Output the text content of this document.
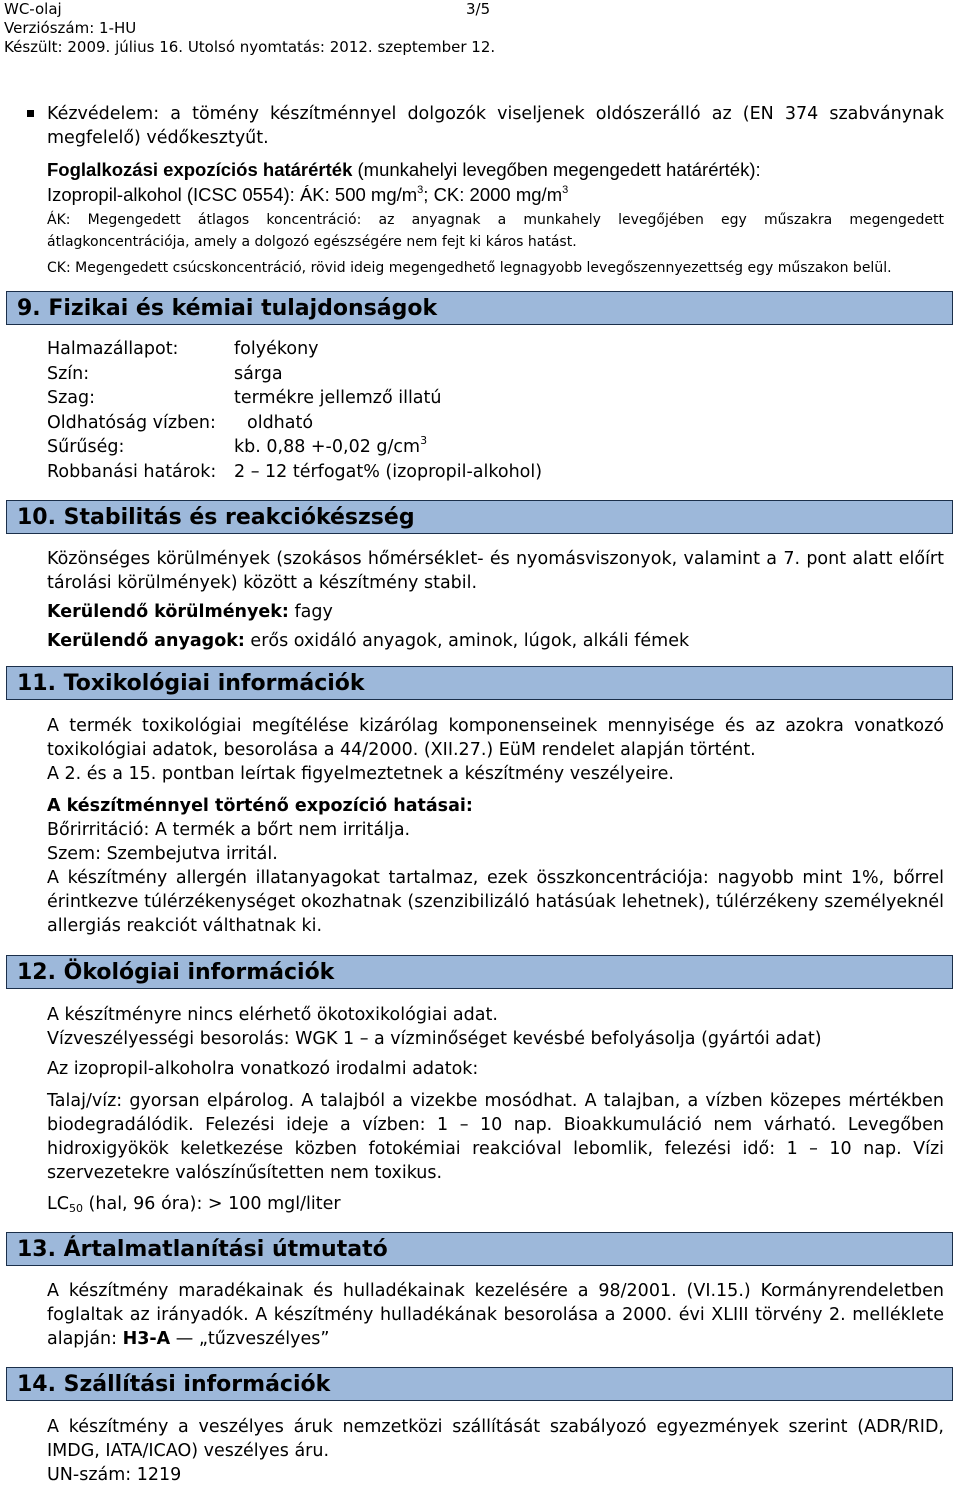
WC-olaj
Verziószám: 1-HU
Készült: 2009. július 16. Utolsó nyomtatás: 2012. szeptember 12.
3/5

Kézvédelem: a tömény készítménnyel dolgozók viseljenek oldószerálló az (EN 374 szabványnak megfelelő) védőkesztyűt.

Foglalkozási expozíciós határérték (munkahelyi levegőben megengedett határérték):

Izopropil-alkohol (ICSC 0554): ÁK: 500 $mg/m^3$; CK: 2000 $mg/m^3$

ÁK: Megengedett átlagos koncentráció: az anyagnak a munkahely levegőjében egy műszakra megengedett átlagkoncentrációja, amely a dolgozó egészségére nem fejt ki káros hatást.

CK: Megengedett csúcskoncentráció, rövid ideig megengedhető legnagyobb levegőszennyezettség egy műszakon belül.

9. Fizikai és kémiai tulajdonságok
Halmazállapot:	folyékony
Szín:	sárga
Szag:	termékre jellemző illatú
Oldhatóság vízben: oldható
Sűrűség:	kb. 0,88 +-0,02 $g/cm^3$
Robbanási határok: 2 – 12 térfogat% (izopropil-alkohol)
10. Stabilitás és reakciókészség

Közönséges körülmények (szokásos hőmérséklet- és nyomásviszonyok, valamint a 7. pont alatt előírt tárolási körülmények) között a készítmény stabil.

Kerülendő körülmények: fagy

Kerülendő anyagok: erős oxidáló anyagok, aminok, lúgok, alkáli fémek

11. Toxikológiai információk

A termék toxikológiai megítélése kizárólag komponenseinek mennyisége és az azokra vonatkozó toxikológiai adatok, besorolása a 44/2000. (XII.27.) EüM rendelet alapján történt.

A 2. és a 15. pontban leírtak figyelmeztetnek a készítmény veszélyeire.

A készítménnyel történő expozíció hatásai:

Bőrirritáció: A termék a bőrt nem irritálja.

Szem: Szembejutva irritál.

A készítmény allergén illatanyagokat tartalmaz, ezek összkoncentrációja: nagyobb mint 1%, bőrrel érintkezve túlérzékenységet okozhatnak (szenzibilizáló hatásúak lehetnek), túlérzékeny személyeknél allergiás reakciót válthatnak ki.

12. Ökológiai információk

A készítményre nincs elérhető ökotoxikológiai adat.

Vízveszélyességi besorolás: WGK 1 – a vízminőséget kevésbé befolyásolja (gyártói adat)

Az izopropil-alkoholra vonatkozó irodalmi adatok:

Talaj/víz: gyorsan elpárolog. A talajból a vizekbe mosódhat. A talajban, a vízben közepes mértékben biodegradálódik. Felezési ideje a vízben: 1 – 10 nap. Bioakkumuláció nem várható. Levegőben hidroxigyökök keletkezése közben fotokémiai reakcióval lebomlik, felezési idő: 1 – 10 nap. Vízi szervezetekre valószínűsítetten nem toxikus.

$LC_{50}$ (hal, 96 óra): > 100 mgl/liter

13. Ártalmatlanítási útmutató

A készítmény maradékainak és hulladékainak kezelésére a 98/2001. (VI.15.) Kormányrendeletben foglaltak az irányadók. A készítmény hulladékának besorolása a 2000. évi XLIII törvény 2. melléklete alapján: H3-A — „tűzveszélyes”

14. Szállítási információk

A készítmény a veszélyes áruk nemzetközi szállítását szabályozó egyezmények szerint (ADR/RID, IMDG, IATA/ICAO) veszélyes áru.

UN-szám: 1219
